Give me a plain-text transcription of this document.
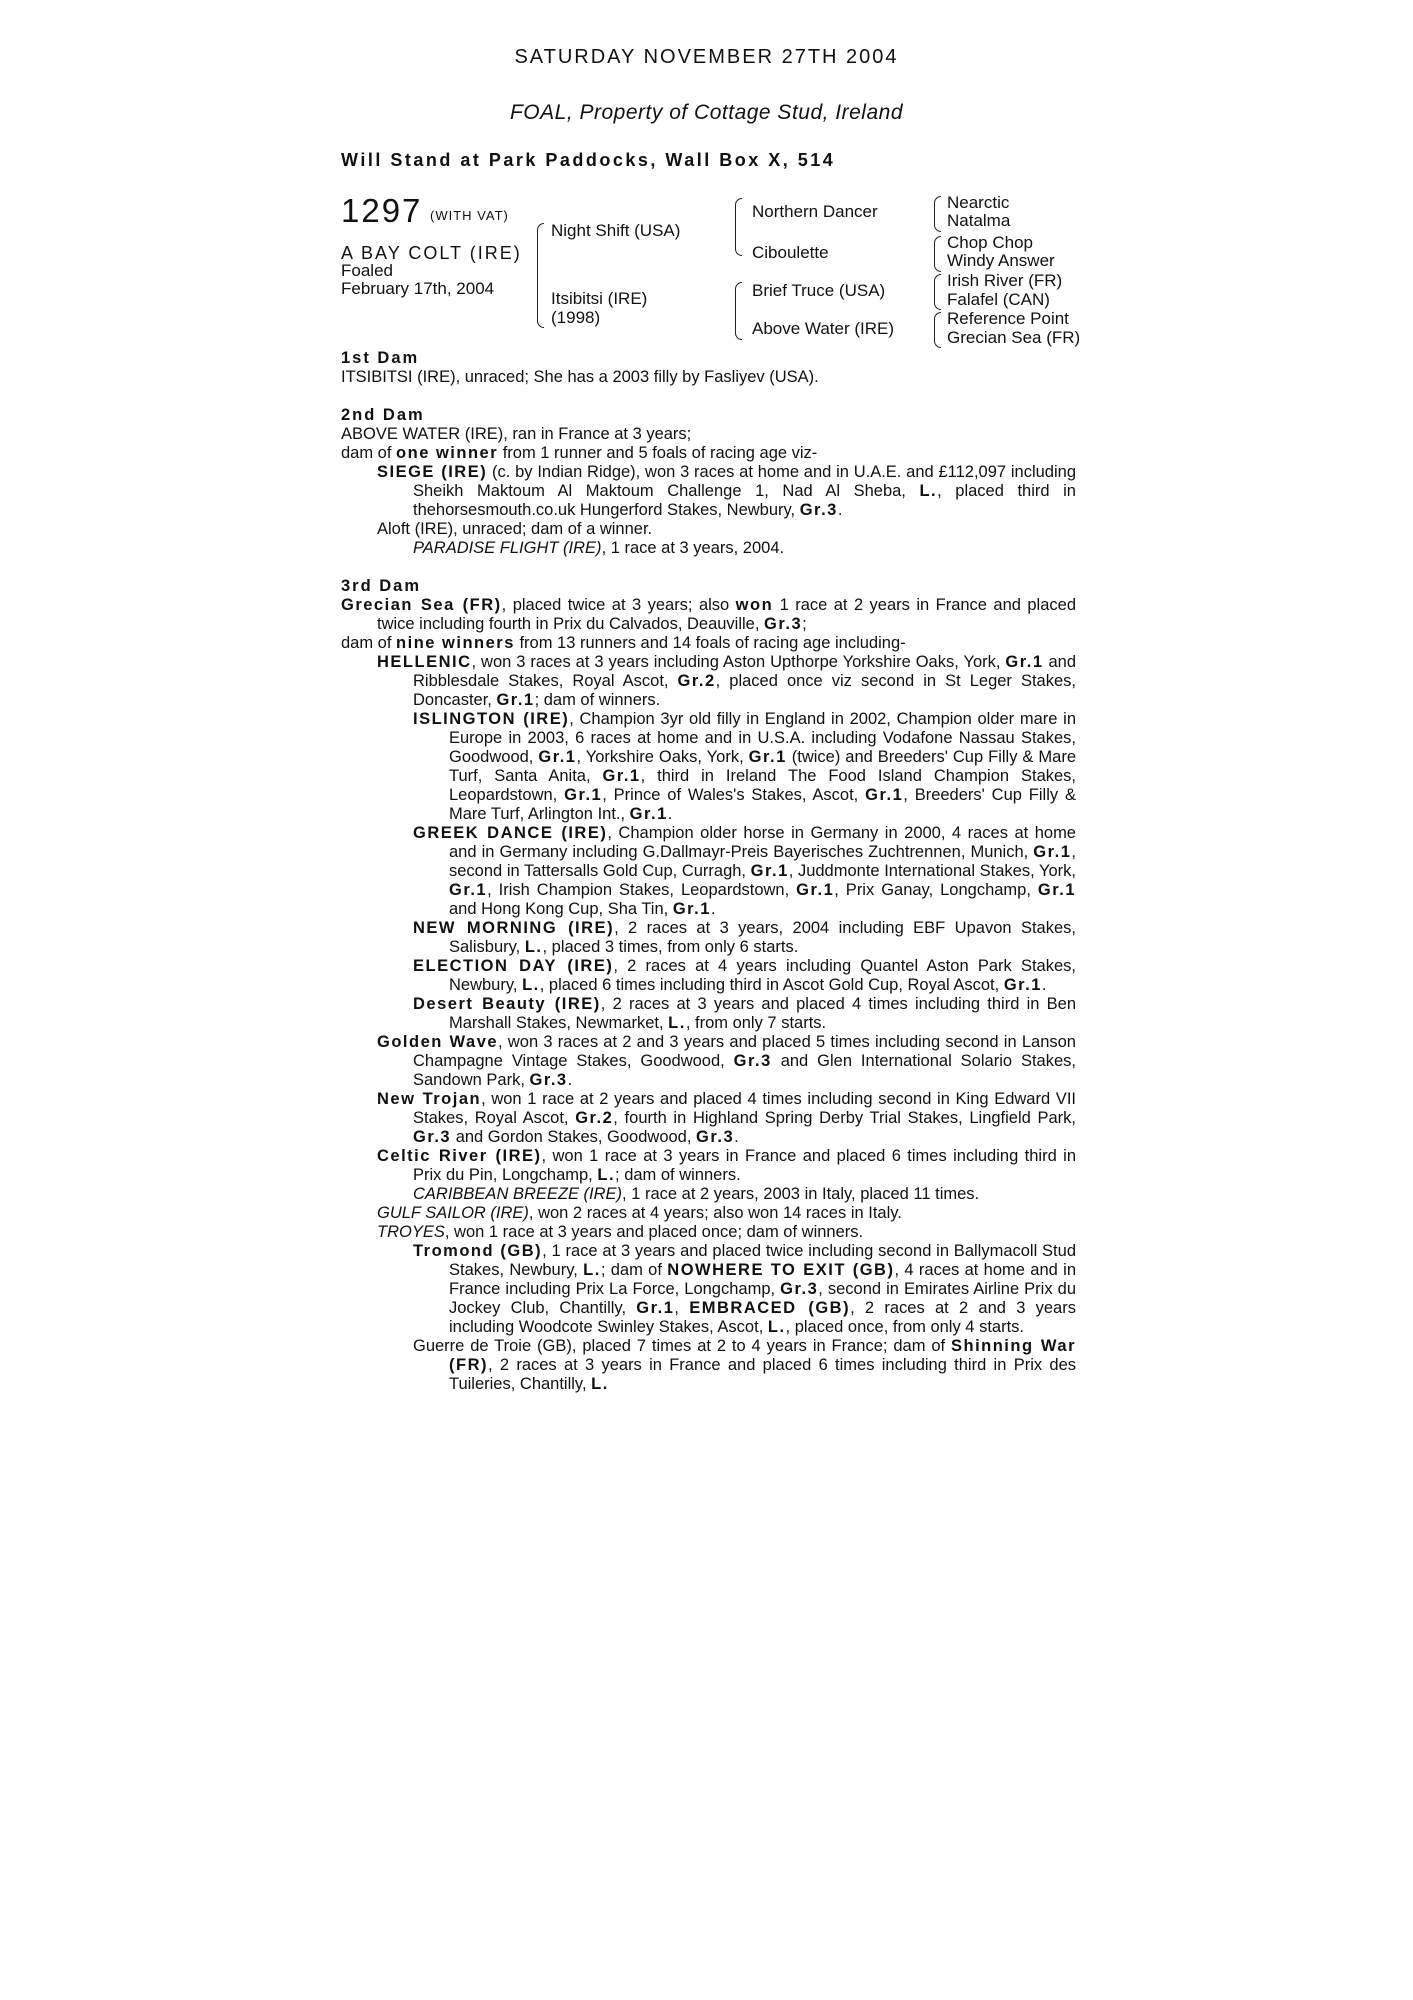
SATURDAY NOVEMBER 27TH 2004
FOAL, Property of Cottage Stud, Ireland
Will Stand at Park Paddocks, Wall Box X, 514
1297 (WITH VAT)
A BAY COLT (IRE)
Foaled
February 17th, 2004
Night Shift (USA)
Itsibitsi (IRE)
(1998)
Northern Dancer
Ciboulette
Brief Truce (USA)
Above Water (IRE)
Nearctic
Natalma
Chop Chop
Windy Answer
Irish River (FR)
Falafel (CAN)
Reference Point
Grecian Sea (FR)

1st Dam

ITSIBITSI (IRE), unraced; She has a 2003 filly by Fasliyev (USA).

2nd Dam

ABOVE WATER (IRE), ran in France at 3 years;

dam of one winner from 1 runner and 5 foals of racing age viz-

SIEGE (IRE) (c. by Indian Ridge), won 3 races at home and in U.A.E. and £112,097 including Sheikh Maktoum Al Maktoum Challenge 1, Nad Al Sheba, L., placed third in thehorsesmouth.co.uk Hungerford Stakes, Newbury, Gr.3.

Aloft (IRE), unraced; dam of a winner.

PARADISE FLIGHT (IRE), 1 race at 3 years, 2004.

3rd Dam

Grecian Sea (FR), placed twice at 3 years; also won 1 race at 2 years in France and placed twice including fourth in Prix du Calvados, Deauville, Gr.3;

dam of nine winners from 13 runners and 14 foals of racing age including-

HELLENIC, won 3 races at 3 years including Aston Upthorpe Yorkshire Oaks, York, Gr.1 and Ribblesdale Stakes, Royal Ascot, Gr.2, placed once viz second in St Leger Stakes, Doncaster, Gr.1; dam of winners.

ISLINGTON (IRE), Champion 3yr old filly in England in 2002, Champion older mare in Europe in 2003, 6 races at home and in U.S.A. including Vodafone Nassau Stakes, Goodwood, Gr.1, Yorkshire Oaks, York, Gr.1 (twice) and Breeders' Cup Filly & Mare Turf, Santa Anita, Gr.1, third in Ireland The Food Island Champion Stakes, Leopardstown, Gr.1, Prince of Wales's Stakes, Ascot, Gr.1, Breeders' Cup Filly & Mare Turf, Arlington Int., Gr.1.

GREEK DANCE (IRE), Champion older horse in Germany in 2000, 4 races at home and in Germany including G.Dallmayr-Preis Bayerisches Zuchtrennen, Munich, Gr.1, second in Tattersalls Gold Cup, Curragh, Gr.1, Juddmonte International Stakes, York, Gr.1, Irish Champion Stakes, Leopardstown, Gr.1, Prix Ganay, Longchamp, Gr.1 and Hong Kong Cup, Sha Tin, Gr.1.

NEW MORNING (IRE), 2 races at 3 years, 2004 including EBF Upavon Stakes, Salisbury, L., placed 3 times, from only 6 starts.

ELECTION DAY (IRE), 2 races at 4 years including Quantel Aston Park Stakes, Newbury, L., placed 6 times including third in Ascot Gold Cup, Royal Ascot, Gr.1.

Desert Beauty (IRE), 2 races at 3 years and placed 4 times including third in Ben Marshall Stakes, Newmarket, L., from only 7 starts.

Golden Wave, won 3 races at 2 and 3 years and placed 5 times including second in Lanson Champagne Vintage Stakes, Goodwood, Gr.3 and Glen International Solario Stakes, Sandown Park, Gr.3.

New Trojan, won 1 race at 2 years and placed 4 times including second in King Edward VII Stakes, Royal Ascot, Gr.2, fourth in Highland Spring Derby Trial Stakes, Lingfield Park, Gr.3 and Gordon Stakes, Goodwood, Gr.3.

Celtic River (IRE), won 1 race at 3 years in France and placed 6 times including third in Prix du Pin, Longchamp, L.; dam of winners.

CARIBBEAN BREEZE (IRE), 1 race at 2 years, 2003 in Italy, placed 11 times.

GULF SAILOR (IRE), won 2 races at 4 years; also won 14 races in Italy.

TROYES, won 1 race at 3 years and placed once; dam of winners.

Tromond (GB), 1 race at 3 years and placed twice including second in Ballymacoll Stud Stakes, Newbury, L.; dam of NOWHERE TO EXIT (GB), 4 races at home and in France including Prix La Force, Longchamp, Gr.3, second in Emirates Airline Prix du Jockey Club, Chantilly, Gr.1, EMBRACED (GB), 2 races at 2 and 3 years including Woodcote Swinley Stakes, Ascot, L., placed once, from only 4 starts.

Guerre de Troie (GB), placed 7 times at 2 to 4 years in France; dam of Shinning War (FR), 2 races at 3 years in France and placed 6 times including third in Prix des Tuileries, Chantilly, L.
